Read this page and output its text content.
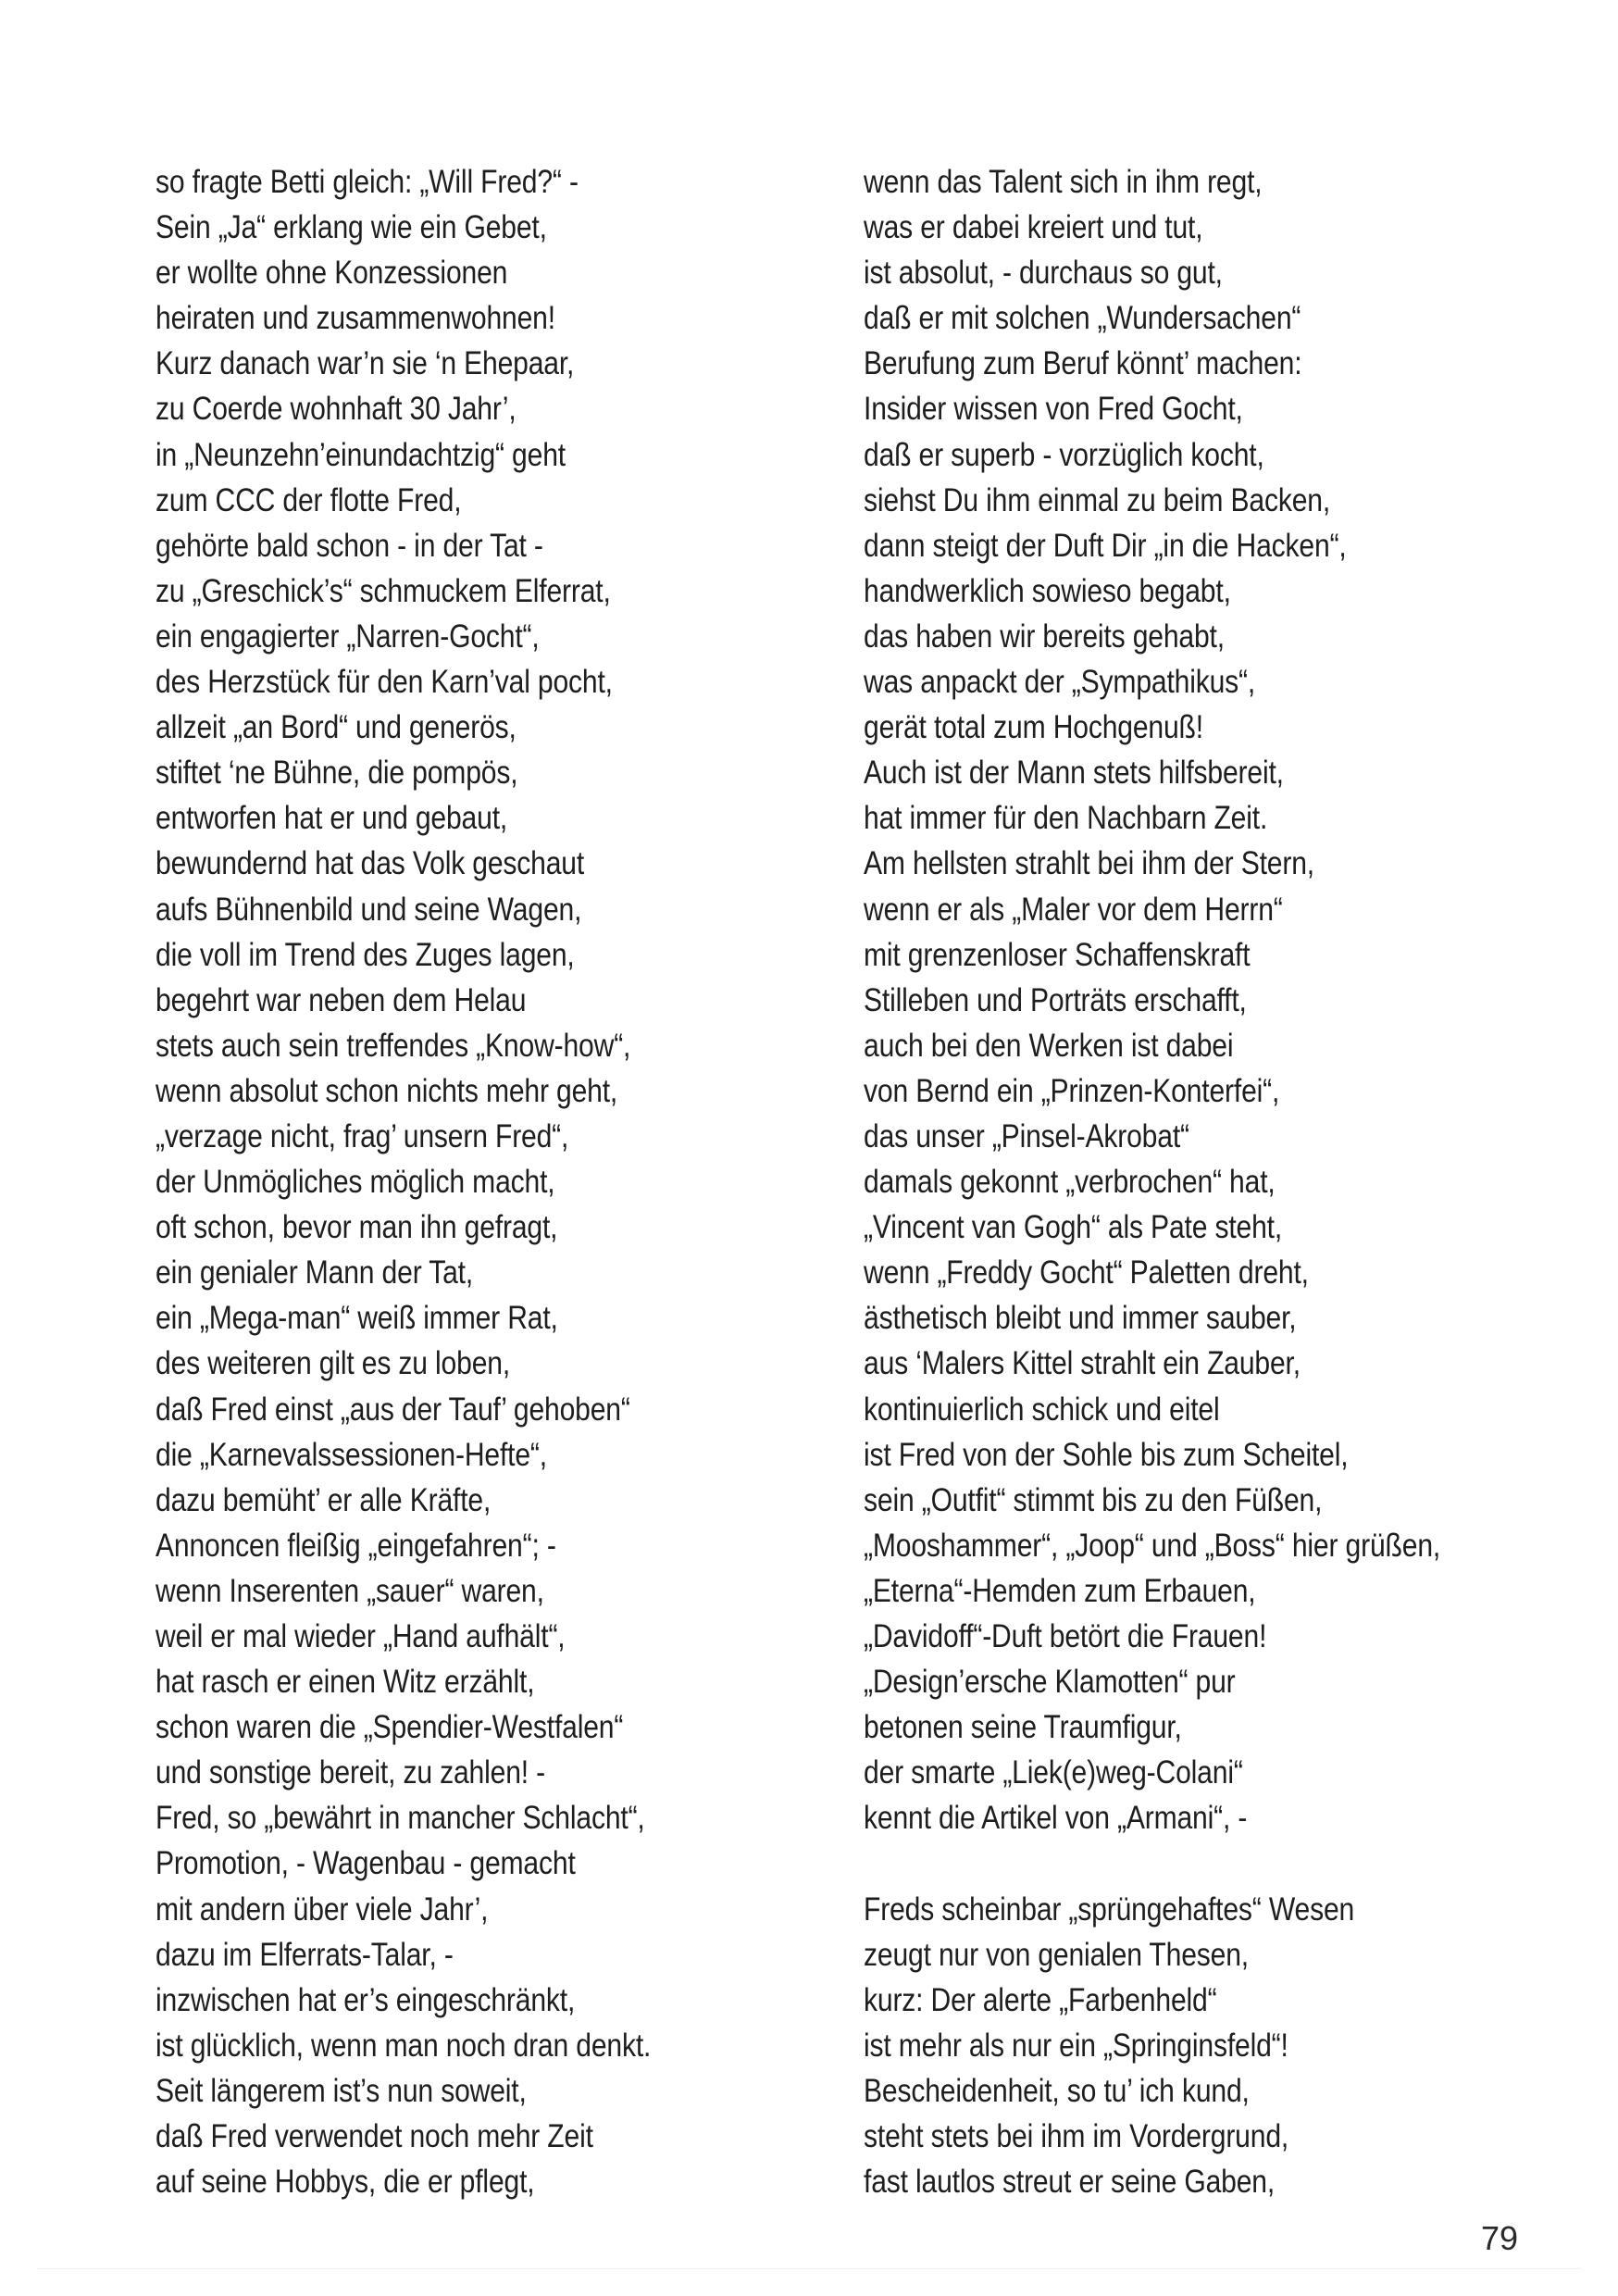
so fragte Betti gleich: „Will Fred?“ -
Sein „Ja“ erklang wie ein Gebet,
er wollte ohne Konzessionen
heiraten und zusammenwohnen!
Kurz danach war’n sie ‘n Ehepaar,
zu Coerde wohnhaft 30 Jahr’,
in „Neunzehn’einundachtzig“ geht
zum CCC der flotte Fred,
gehörte bald schon - in der Tat -
zu „Greschick’s“ schmuckem Elferrat,
ein engagierter „Narren-Gocht“,
des Herzstück für den Karn’val pocht,
allzeit „an Bord“ und generös,
stiftet ‘ne Bühne, die pompös,
entworfen hat er und gebaut,
bewundernd hat das Volk geschaut
aufs Bühnenbild und seine Wagen,
die voll im Trend des Zuges lagen,
begehrt war neben dem Helau
stets auch sein treffendes „Know-how“,
wenn absolut schon nichts mehr geht,
„verzage nicht, frag’ unsern Fred“,
der Unmögliches möglich macht,
oft schon, bevor man ihn gefragt,
ein genialer Mann der Tat,
ein „Mega-man“ weiß immer Rat,
des weiteren gilt es zu loben,
daß Fred einst „aus der Tauf’ gehoben“
die „Karnevalssessionen-Hefte“,
dazu bemüht’ er alle Kräfte,
Annoncen fleißig „eingefahren“; -
wenn Inserenten „sauer“ waren,
weil er mal wieder „Hand aufhält“,
hat rasch er einen Witz erzählt,
schon waren die „Spendier-Westfalen“
und sonstige bereit, zu zahlen! -
Fred, so „bewährt in mancher Schlacht“,
Promotion, - Wagenbau - gemacht
mit andern über viele Jahr’,
dazu im Elferrats-Talar, -
inzwischen hat er’s eingeschränkt,
ist glücklich, wenn man noch dran denkt.
Seit längerem ist’s nun soweit,
daß Fred verwendet noch mehr Zeit
auf seine Hobbys, die er pflegt,
wenn das Talent sich in ihm regt,
was er dabei kreiert und tut,
ist absolut, - durchaus so gut,
daß er mit solchen „Wundersachen“
Berufung zum Beruf könnt’ machen:
Insider wissen von Fred Gocht,
daß er superb - vorzüglich kocht,
siehst Du ihm einmal zu beim Backen,
dann steigt der Duft Dir „in die Hacken“,
handwerklich sowieso begabt,
das haben wir bereits gehabt,
was anpackt der „Sympathikus“,
gerät total zum Hochgenuß!
Auch ist der Mann stets hilfsbereit,
hat immer für den Nachbarn Zeit.
Am hellsten strahlt bei ihm der Stern,
wenn er als „Maler vor dem Herrn“
mit grenzenloser Schaffenskraft
Stilleben und Porträts erschafft,
auch bei den Werken ist dabei
von Bernd ein „Prinzen-Konterfei“,
das unser „Pinsel-Akrobat“
damals gekonnt „verbrochen“ hat,
„Vincent van Gogh“ als Pate steht,
wenn „Freddy Gocht“ Paletten dreht,
ästhetisch bleibt und immer sauber,
aus ‘Malers Kittel strahlt ein Zauber,
kontinuierlich schick und eitel
ist Fred von der Sohle bis zum Scheitel,
sein „Outfit“ stimmt bis zu den Füßen,
„Mooshammer“, „Joop“ und „Boss“ hier grüßen,
„Eterna“-Hemden zum Erbauen,
„Davidoff“-Duft betört die Frauen!
„Design’ersche Klamotten“ pur
betonen seine Traumfigur,
der smarte „Liek(e)weg-Colani“
kennt die Artikel von „Armani“, -
Freds scheinbar „sprüngehaftes“ Wesen
zeugt nur von genialen Thesen,
kurz: Der alerte „Farbenheld“
ist mehr als nur ein „Springinsfeld“!
Bescheidenheit, so tu’ ich kund,
steht stets bei ihm im Vordergrund,
fast lautlos streut er seine Gaben,
79
